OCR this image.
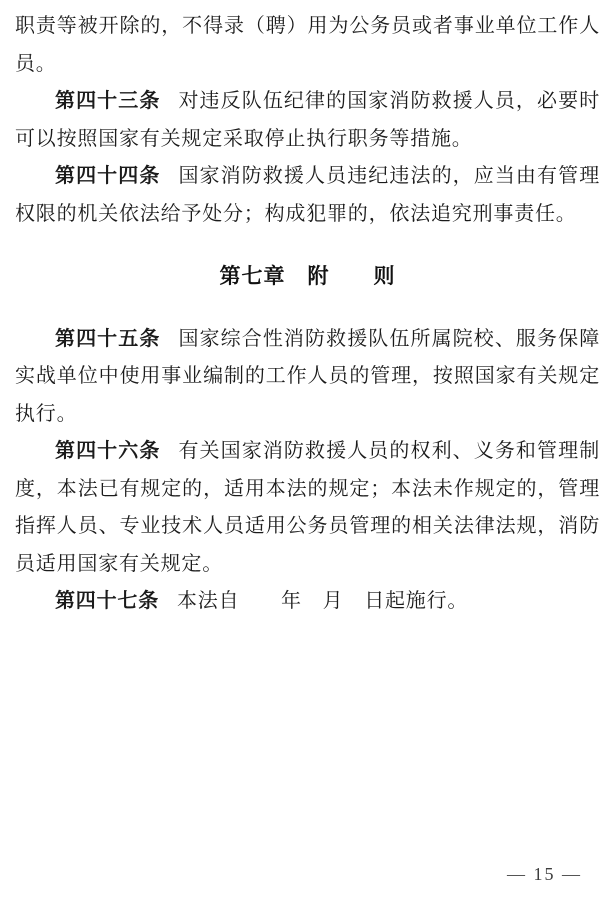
职责等被开除的，不得录（聘）用为公务员或者事业单位工作人员。

第四十三条 对违反队伍纪律的国家消防救援人员，必要时可以按照国家有关规定采取停止执行职务等措施。

第四十四条 国家消防救援人员违纪违法的，应当由有管理权限的机关依法给予处分；构成犯罪的，依法追究刑事责任。

第七章　附　　则

第四十五条 国家综合性消防救援队伍所属院校、服务保障实战单位中使用事业编制的工作人员的管理，按照国家有关规定执行。

第四十六条 有关国家消防救援人员的权利、义务和管理制度，本法已有规定的，适用本法的规定；本法未作规定的，管理指挥人员、专业技术人员适用公务员管理的相关法律法规，消防员适用国家有关规定。

第四十七条 本法自　　年　月　日起施行。

— 15 —
